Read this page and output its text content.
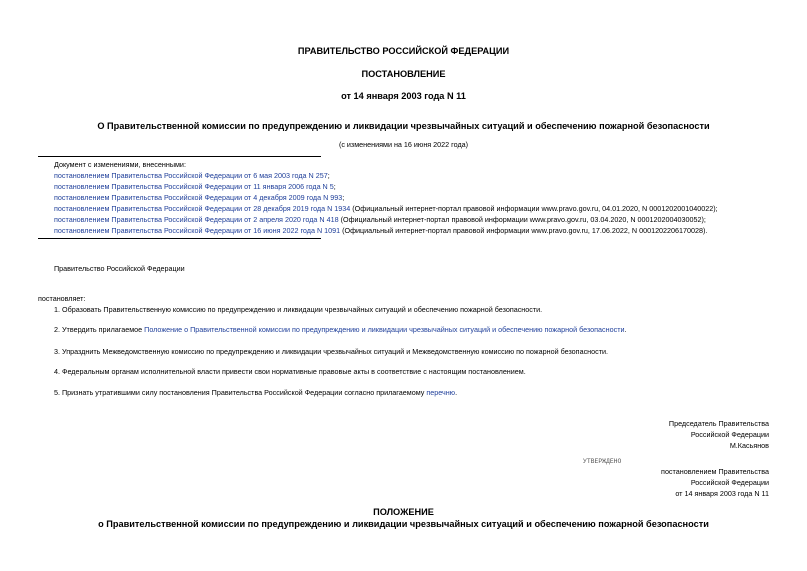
ПРАВИТЕЛЬСТВО РОССИЙСКОЙ ФЕДЕРАЦИИ
ПОСТАНОВЛЕНИЕ
от 14 января 2003 года N 11
О Правительственной комиссии по предупреждению и ликвидации чрезвычайных ситуаций и обеспечению пожарной безопасности
(с изменениями на 16 июня 2022 года)
Документ с изменениями, внесенными:
постановлением Правительства Российской Федерации от 6 мая 2003 года N 257;
постановлением Правительства Российской Федерации от 11 января 2006 года N 5;
постановлением Правительства Российской Федерации от 4 декабря 2009 года N 993;
постановлением Правительства Российской Федерации от 28 декабря 2019 года N 1934 (Официальный интернет-портал правовой информации www.pravo.gov.ru, 04.01.2020, N 0001202001040022);
постановлением Правительства Российской Федерации от 2 апреля 2020 года N 418 (Официальный интернет-портал правовой информации www.pravo.gov.ru, 03.04.2020, N 0001202004030052);
постановлением Правительства Российской Федерации от 16 июня 2022 года N 1091 (Официальный интернет-портал правовой информации www.pravo.gov.ru, 17.06.2022, N 0001202206170028).
Правительство Российской Федерации
постановляет:
1. Образовать Правительственную комиссию по предупреждению и ликвидации чрезвычайных ситуаций и обеспечению пожарной безопасности.
2. Утвердить прилагаемое Положение о Правительственной комиссии по предупреждению и ликвидации чрезвычайных ситуаций и обеспечению пожарной безопасности.
3. Упразднить Межведомственную комиссию по предупреждению и ликвидации чрезвычайных ситуаций и Межведомственную комиссию по пожарной безопасности.
4. Федеральным органам исполнительной власти привести свои нормативные правовые акты в соответствие с настоящим постановлением.
5. Признать утратившими силу постановления Правительства Российской Федерации согласно прилагаемому перечню.
Председатель Правительства
Российской Федерации
М.Касьянов
УТВЕРЖДЕНО
постановлением Правительства
Российской Федерации
от 14 января 2003 года N 11
ПОЛОЖЕНИЕ
о Правительственной комиссии по предупреждению и ликвидации чрезвычайных ситуаций и обеспечению пожарной безопасности
